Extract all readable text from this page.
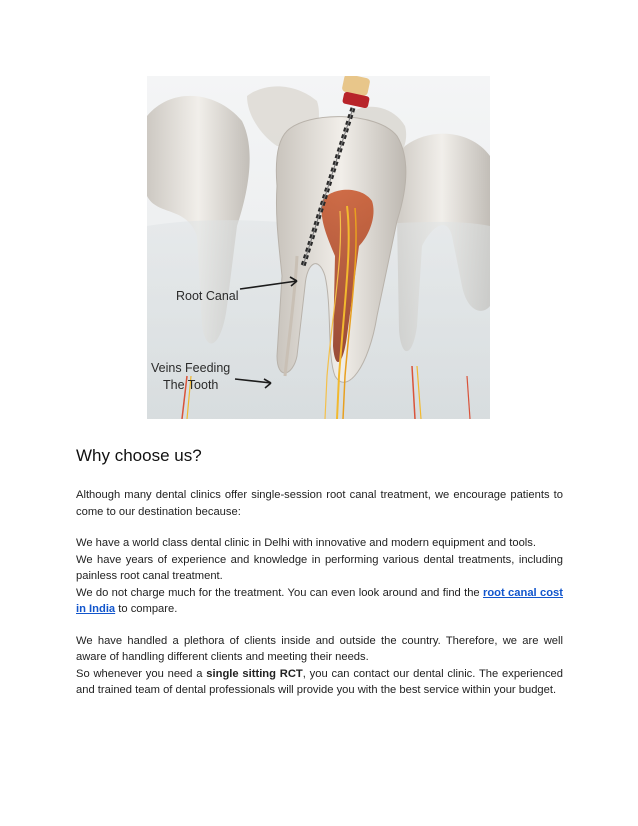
Root Canal
Veins Feeding
The Tooth
Why choose us?

Although many dental clinics offer single-session root canal treatment, we encourage patients to come to our destination because:

We have a world class dental clinic in Delhi with innovative and modern equipment and tools.

We have years of experience and knowledge in performing various dental treatments, including painless root canal treatment.

We do not charge much for the treatment. You can even look around and find the root canal cost in India to compare.

We have handled a plethora of clients inside and outside the country. Therefore, we are well aware of handling different clients and meeting their needs.

So whenever you need a single sitting RCT, you can contact our dental clinic. The experienced and trained team of dental professionals will provide you with the best service within your budget.
